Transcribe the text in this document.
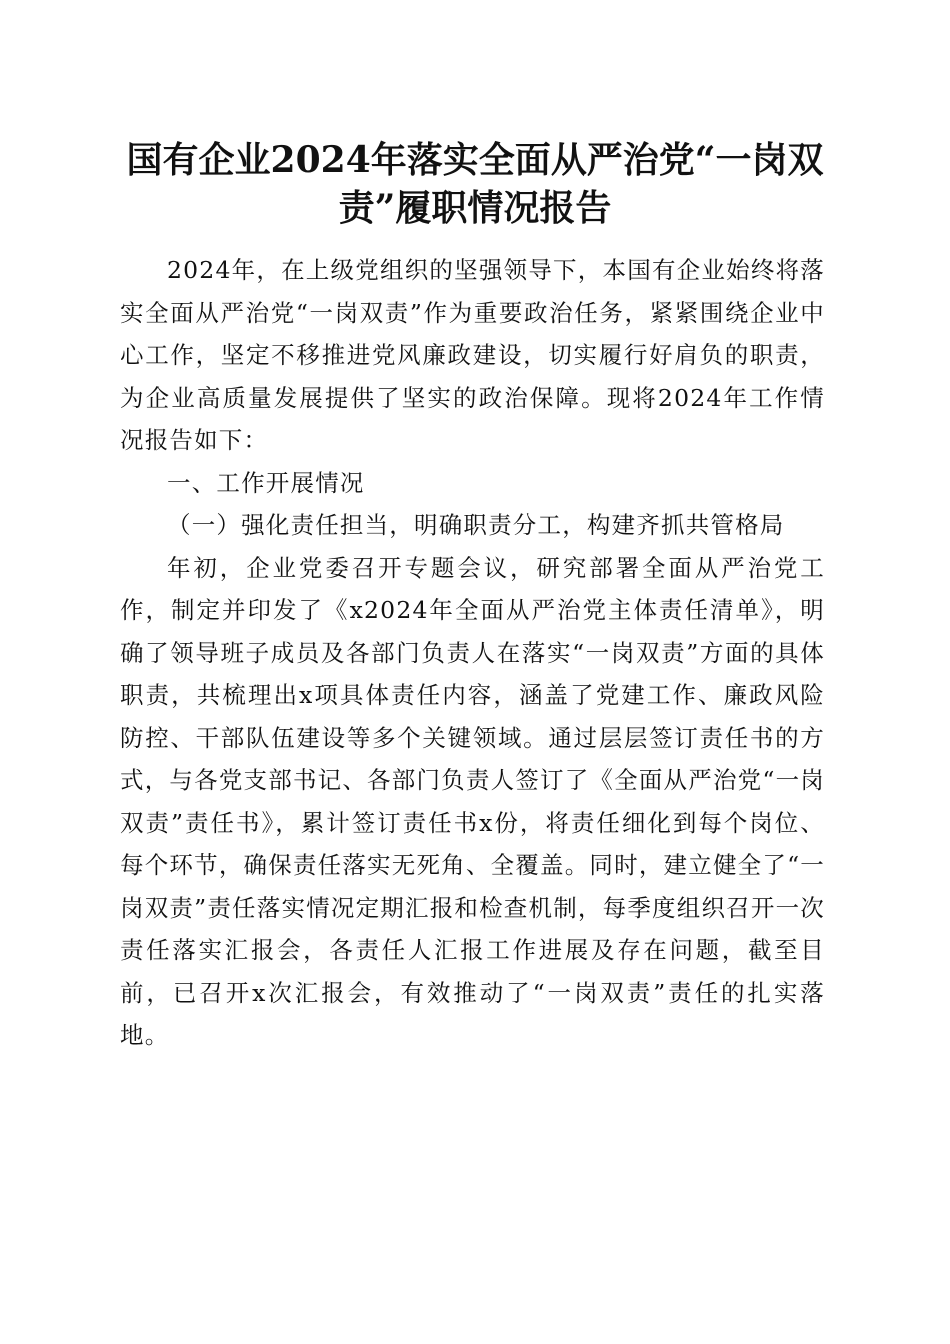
国有企业2024年落实全面从严治党“一岗双
责”履职情况报告

2024年，在上级党组织的坚强领导下，本国有企业始终将落实全面从严治党“一岗双责”作为重要政治任务，紧紧围绕企业中心工作，坚定不移推进党风廉政建设，切实履行好肩负的职责，为企业高质量发展提供了坚实的政治保障。现将2024年工作情况报告如下：

一、工作开展情况

（一）强化责任担当，明确职责分工，构建齐抓共管格局

年初，企业党委召开专题会议，研究部署全面从严治党工作，制定并印发了《x2024年全面从严治党主体责任清单》，明确了领导班子成员及各部门负责人在落实“一岗双责”方面的具体职责，共梳理出x项具体责任内容，涵盖了党建工作、廉政风险防控、干部队伍建设等多个关键领域。通过层层签订责任书的方式，与各党支部书记、各部门负责人签订了《全面从严治党“一岗双责”责任书》，累计签订责任书x份，将责任细化到每个岗位、每个环节，确保责任落实无死角、全覆盖。同时，建立健全了“一岗双责”责任落实情况定期汇报和检查机制，每季度组织召开一次责任落实汇报会，各责任人汇报工作进展及存在问题，截至目前，已召开x次汇报会，有效推动了“一岗双责”责任的扎实落地。
